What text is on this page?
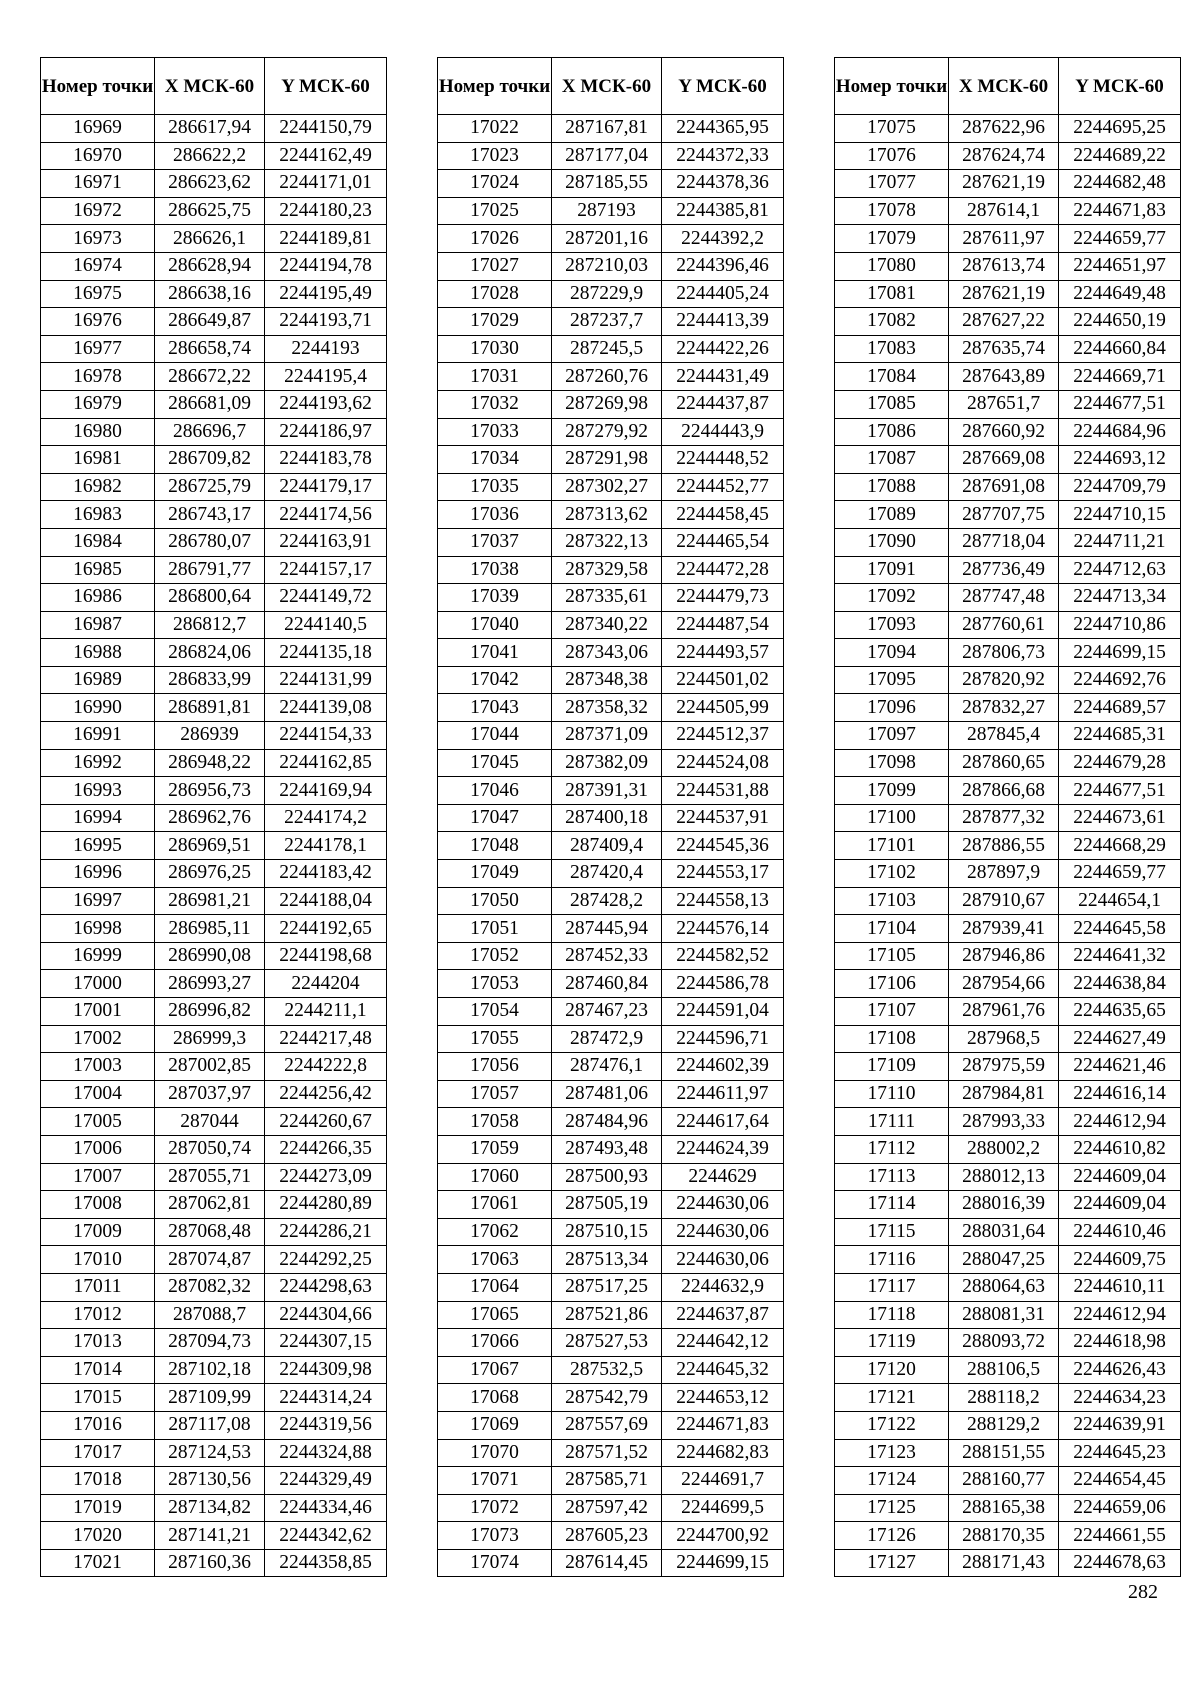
Номер точки	X МСК-60	Y МСК-60
16969	286617,94	2244150,79
16970	286622,2	2244162,49
16971	286623,62	2244171,01
16972	286625,75	2244180,23
16973	286626,1	2244189,81
16974	286628,94	2244194,78
16975	286638,16	2244195,49
16976	286649,87	2244193,71
16977	286658,74	2244193
16978	286672,22	2244195,4
16979	286681,09	2244193,62
16980	286696,7	2244186,97
16981	286709,82	2244183,78
16982	286725,79	2244179,17
16983	286743,17	2244174,56
16984	286780,07	2244163,91
16985	286791,77	2244157,17
16986	286800,64	2244149,72
16987	286812,7	2244140,5
16988	286824,06	2244135,18
16989	286833,99	2244131,99
16990	286891,81	2244139,08
16991	286939	2244154,33
16992	286948,22	2244162,85
16993	286956,73	2244169,94
16994	286962,76	2244174,2
16995	286969,51	2244178,1
16996	286976,25	2244183,42
16997	286981,21	2244188,04
16998	286985,11	2244192,65
16999	286990,08	2244198,68
17000	286993,27	2244204
17001	286996,82	2244211,1
17002	286999,3	2244217,48
17003	287002,85	2244222,8
17004	287037,97	2244256,42
17005	287044	2244260,67
17006	287050,74	2244266,35
17007	287055,71	2244273,09
17008	287062,81	2244280,89
17009	287068,48	2244286,21
17010	287074,87	2244292,25
17011	287082,32	2244298,63
17012	287088,7	2244304,66
17013	287094,73	2244307,15
17014	287102,18	2244309,98
17015	287109,99	2244314,24
17016	287117,08	2244319,56
17017	287124,53	2244324,88
17018	287130,56	2244329,49
17019	287134,82	2244334,46
17020	287141,21	2244342,62
17021	287160,36	2244358,85
Номер точки	X МСК-60	Y МСК-60
17022	287167,81	2244365,95
17023	287177,04	2244372,33
17024	287185,55	2244378,36
17025	287193	2244385,81
17026	287201,16	2244392,2
17027	287210,03	2244396,46
17028	287229,9	2244405,24
17029	287237,7	2244413,39
17030	287245,5	2244422,26
17031	287260,76	2244431,49
17032	287269,98	2244437,87
17033	287279,92	2244443,9
17034	287291,98	2244448,52
17035	287302,27	2244452,77
17036	287313,62	2244458,45
17037	287322,13	2244465,54
17038	287329,58	2244472,28
17039	287335,61	2244479,73
17040	287340,22	2244487,54
17041	287343,06	2244493,57
17042	287348,38	2244501,02
17043	287358,32	2244505,99
17044	287371,09	2244512,37
17045	287382,09	2244524,08
17046	287391,31	2244531,88
17047	287400,18	2244537,91
17048	287409,4	2244545,36
17049	287420,4	2244553,17
17050	287428,2	2244558,13
17051	287445,94	2244576,14
17052	287452,33	2244582,52
17053	287460,84	2244586,78
17054	287467,23	2244591,04
17055	287472,9	2244596,71
17056	287476,1	2244602,39
17057	287481,06	2244611,97
17058	287484,96	2244617,64
17059	287493,48	2244624,39
17060	287500,93	2244629
17061	287505,19	2244630,06
17062	287510,15	2244630,06
17063	287513,34	2244630,06
17064	287517,25	2244632,9
17065	287521,86	2244637,87
17066	287527,53	2244642,12
17067	287532,5	2244645,32
17068	287542,79	2244653,12
17069	287557,69	2244671,83
17070	287571,52	2244682,83
17071	287585,71	2244691,7
17072	287597,42	2244699,5
17073	287605,23	2244700,92
17074	287614,45	2244699,15
Номер точки	X МСК-60	Y МСК-60
17075	287622,96	2244695,25
17076	287624,74	2244689,22
17077	287621,19	2244682,48
17078	287614,1	2244671,83
17079	287611,97	2244659,77
17080	287613,74	2244651,97
17081	287621,19	2244649,48
17082	287627,22	2244650,19
17083	287635,74	2244660,84
17084	287643,89	2244669,71
17085	287651,7	2244677,51
17086	287660,92	2244684,96
17087	287669,08	2244693,12
17088	287691,08	2244709,79
17089	287707,75	2244710,15
17090	287718,04	2244711,21
17091	287736,49	2244712,63
17092	287747,48	2244713,34
17093	287760,61	2244710,86
17094	287806,73	2244699,15
17095	287820,92	2244692,76
17096	287832,27	2244689,57
17097	287845,4	2244685,31
17098	287860,65	2244679,28
17099	287866,68	2244677,51
17100	287877,32	2244673,61
17101	287886,55	2244668,29
17102	287897,9	2244659,77
17103	287910,67	2244654,1
17104	287939,41	2244645,58
17105	287946,86	2244641,32
17106	287954,66	2244638,84
17107	287961,76	2244635,65
17108	287968,5	2244627,49
17109	287975,59	2244621,46
17110	287984,81	2244616,14
17111	287993,33	2244612,94
17112	288002,2	2244610,82
17113	288012,13	2244609,04
17114	288016,39	2244609,04
17115	288031,64	2244610,46
17116	288047,25	2244609,75
17117	288064,63	2244610,11
17118	288081,31	2244612,94
17119	288093,72	2244618,98
17120	288106,5	2244626,43
17121	288118,2	2244634,23
17122	288129,2	2244639,91
17123	288151,55	2244645,23
17124	288160,77	2244654,45
17125	288165,38	2244659,06
17126	288170,35	2244661,55
17127	288171,43	2244678,63
282
